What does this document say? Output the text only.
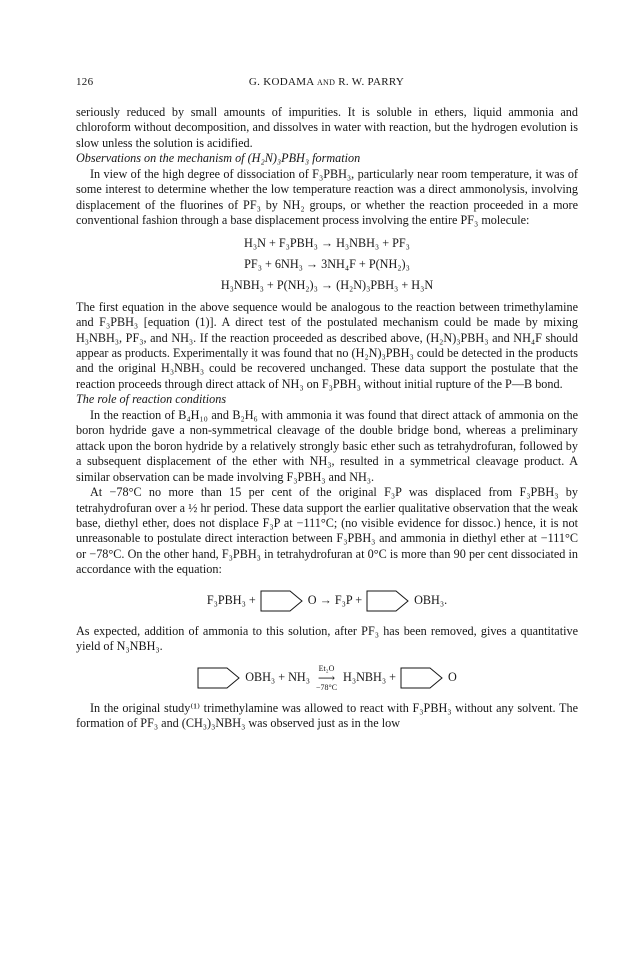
126	G. KODAMA and R. W. PARRY

seriously reduced by small amounts of impurities. It is soluble in ethers, liquid ammonia and chloroform without decomposition, and dissolves in water with reaction, but the hydrogen evolution is slow unless the solution is acidified.

Observations on the mechanism of (H₂N)₃PBH₃ formation

In view of the high degree of dissociation of F₃PBH₃, particularly near room temperature, it was of some interest to determine whether the low temperature reaction was a direct ammonolysis, involving displacement of the fluorines of PF₃ by NH₂ groups, or whether the reaction proceeded in a more conventional fashion through a base displacement process involving the entire PF₃ molecule:

H₃N + F₃PBH₃ → H₃NBH₃ + PF₃
PF₃ + 6NH₃ → 3NH₄F + P(NH₂)₃
H₃NBH₃ + P(NH₂)₃ → (H₂N)₃PBH₃ + H₃N

The first equation in the above sequence would be analogous to the reaction between trimethylamine and F₃PBH₃ [equation (1)]. A direct test of the postulated mechanism could be made by mixing H₃NBH₃, PF₃, and NH₃. If the reaction proceeded as described above, (H₂N)₃PBH₃ and NH₄F should appear as products. Experimentally it was found that no (H₂N)₃PBH₃ could be detected in the products and the original H₃NBH₃ could be recovered unchanged. These data support the postulate that the reaction proceeds through direct attack of NH₃ on F₃PBH₃ without initial rupture of the P—B bond.

The role of reaction conditions

In the reaction of B₄H₁₀ and B₂H₆ with ammonia it was found that direct attack of ammonia on the boron hydride gave a non-symmetrical cleavage of the double bridge bond, whereas a preliminary attack upon the boron hydride by a relatively strongly basic ether such as tetrahydrofuran, followed by a subsequent displacement of the ether with NH₃, resulted in a symmetrical cleavage product. A similar observation can be made involving F₃PBH₃ and NH₃.

At −78°C no more than 15 per cent of the original F₃P was displaced from F₃PBH₃ by tetrahydrofuran over a ½ hr period. These data support the earlier qualitative observation that the weak base, diethyl ether, does not displace F₃P at −111°C; (no visible evidence for dissoc.) hence, it is not unreasonable to postulate direct interaction between F₃PBH₃ and ammonia in diethyl ether at −111°C or −78°C. On the other hand, F₃PBH₃ in tetrahydrofuran at 0°C is more than 90 per cent dissociated in accordance with the equation:

F₃PBH₃ +	O → F₃P +	OBH₃.

As expected, addition of ammonia to this solution, after PF₃ has been removed, gives a quantitative yield of N₃NBH₃.

OBH₃ + NH₃
Et₂O
⟶
−78°C
H₃NBH₃ +	O

In the original study⁽¹⁾ trimethylamine was allowed to react with F₃PBH₃ without any solvent. The formation of PF₃ and (CH₃)₃NBH₃ was observed just as in the low
